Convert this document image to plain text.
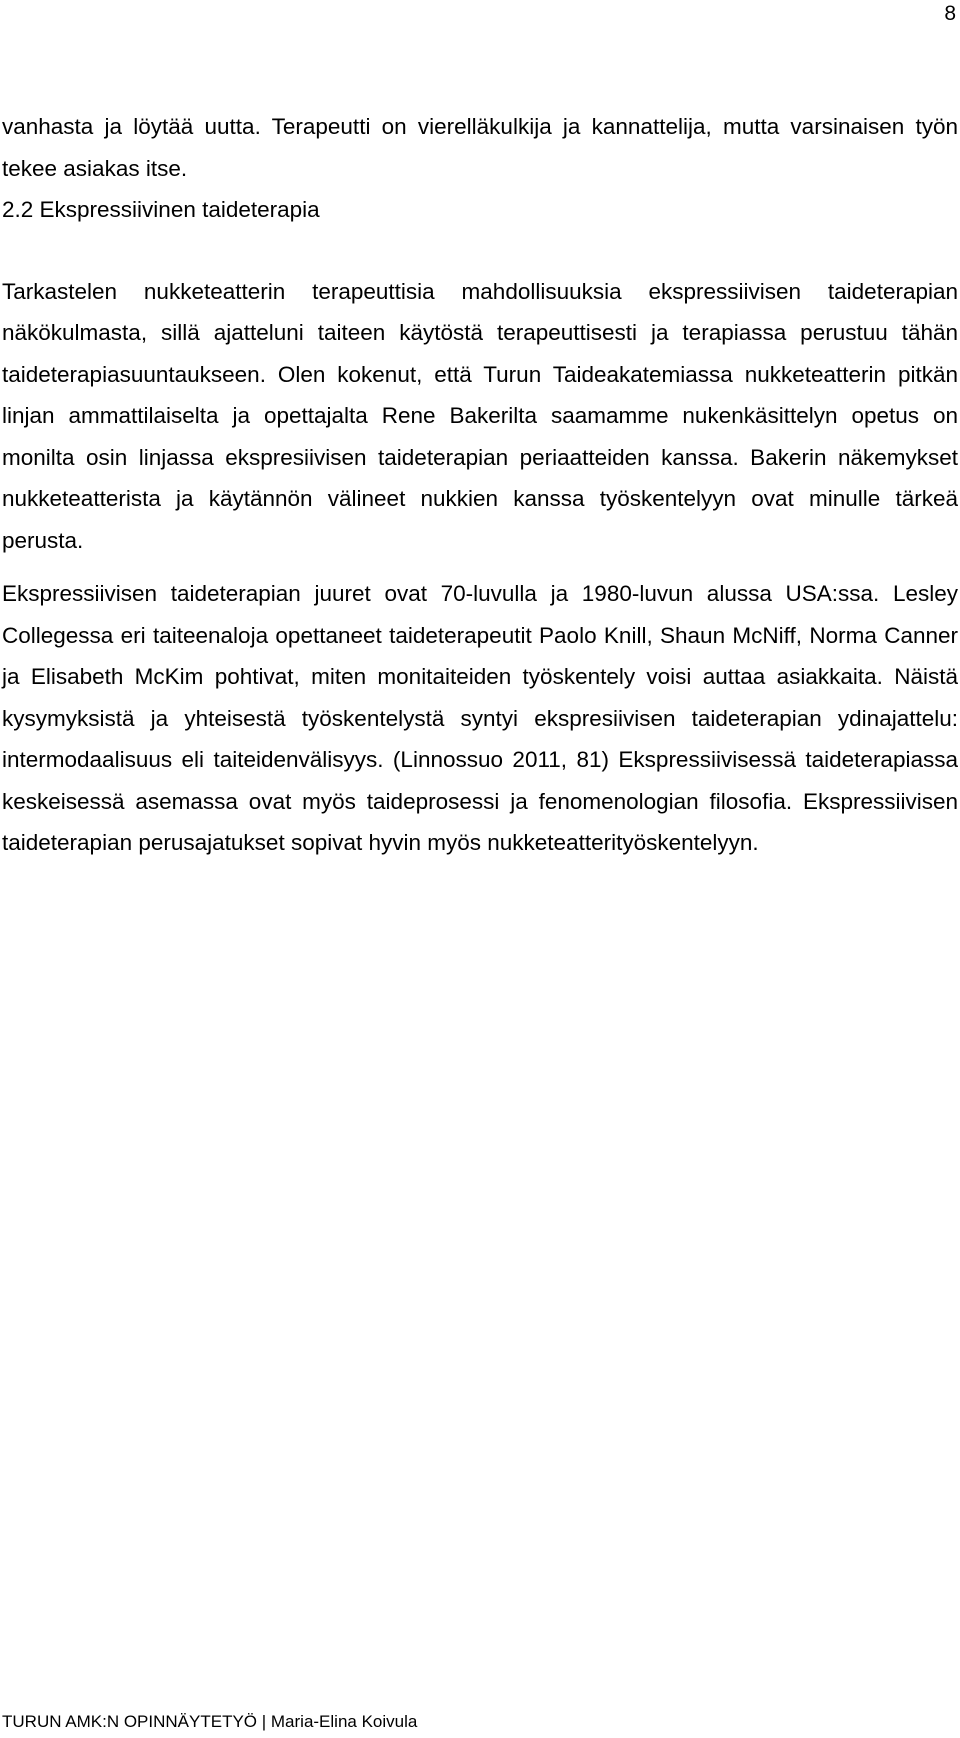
8

vanhasta ja löytää uutta. Terapeutti on vierelläkulkija ja kannattelija, mutta varsinaisen työn tekee asiakas itse.

2.2 Ekspressiivinen taideterapia

Tarkastelen nukketeatterin terapeuttisia mahdollisuuksia ekspressiivisen taideterapian näkökulmasta, sillä ajatteluni taiteen käytöstä terapeuttisesti ja terapiassa perustuu tähän taideterapiasuuntaukseen. Olen kokenut, että Turun Taideakatemiassa nukketeatterin pitkän linjan ammattilaiselta ja opettajalta Rene Bakerilta saamamme nukenkäsittelyn opetus on monilta osin linjassa ekspresiivisen taideterapian periaatteiden kanssa. Bakerin näkemykset nukketeatterista ja käytännön välineet nukkien kanssa työskentelyyn ovat minulle tärkeä perusta.

Ekspressiivisen taideterapian juuret ovat 70-luvulla ja 1980-luvun alussa USA:ssa. Lesley Collegessa eri taiteenaloja opettaneet taideterapeutit Paolo Knill, Shaun McNiff, Norma Canner ja Elisabeth McKim pohtivat, miten monitaiteiden työskentely voisi auttaa asiakkaita. Näistä kysymyksistä ja yhteisestä työskentelystä syntyi ekspresiivisen taideterapian ydinajattelu: intermodaalisuus eli taiteidenvälisyys. (Linnossuo 2011, 81) Ekspressiivisessä taideterapiassa keskeisessä asemassa ovat myös taideprosessi ja fenomenologian filosofia. Ekspressiivisen taideterapian perusajatukset sopivat hyvin myös nukketeatterityöskentelyyn.

TURUN AMK:N OPINNÄYTETYÖ | Maria-Elina Koivula
